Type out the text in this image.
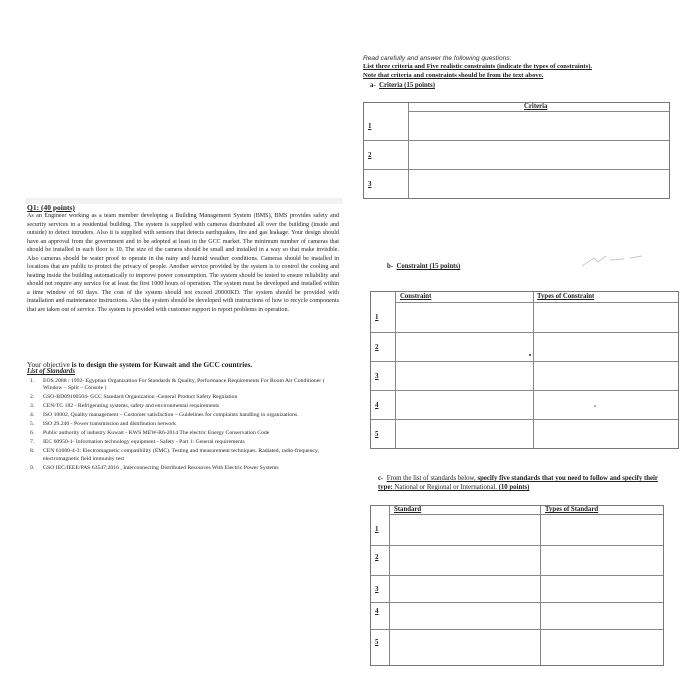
Q1: (40 points)
As an Engineer working as a team member developing a Building Management System (BMS), BMS provides safety and security services in a residential building. The system is supplied with cameras distributed all over the building (inside and outside) to detect intruders. Also it is supplied with sensors that detects earthquakes, fire and gas leakage. Your design should have an approval from the government and to be adopted at least in the GCC market. The minimum number of cameras that should be installed in each floor is 10. The size of the camera should be small and installed in a way so that make invisible. Also cameras should be water proof to operate in the rainy and humid weather conditions. Cameras should be installed in locations that are public to protect the privacy of people. Another service provided by the system is to control the cooling and heating inside the building automatically to improve power consumption. The system should be tested to ensure reliability and should not require any service for at least the first 1000 hours of operation. The system must be developed and installed within a time window of 60 days. The cost of the system should not exceed 20000KD. The system should be provided with installation and maintenance instructions. Also the system should be developed with instructions of how to recycle components that are taken out of service. The system is provided with customer support to report problems in operation.
Your objective is to design the system for Kuwait and the GCC countries.
List of Standards
1. EOS 2088 / 1992- Egyptian Organization For Standards & Quality, Performance Requirements For Room Air Conditioner ( Window – Split – Console )
2. GSO-BD09100504- GCC Standard Organization -General Product Safety Regulation
3. CEN/TC 182 - Refrigerating systems, safety and environmental requirements
4. ISO 10002, Quality management – Customer satisfaction – Guidelines for complaints handling in organizations.
5. ISO 29.240 - Power transmission and distribution network
6. Public authority of industry Kuwait - KWS MEW-R6-2014 The electric Energy Conservation Code
7. IEC 60950-1- Information technology equipment - Safety - Part 1: General requirements
8. CEN 61000-4-3: Electromagnetic compatibility (EMC). Testing and measurement techniques. Radiated, radio-frequency, electromagnetic field immunity test
9. GSO IEC/IEEE/PAS 63547:2016 , Interconnecting Distributed Resources With Electric Power Systems
Read carefully and answer the following questions:
List three criteria and Five realistic constraints (indicate the types of constraints).
Note that criteria and constraints should be from the text above.
a- Criteria (15 points)
Criteria
1
2
3
b- Constraint (15 points)
Constraint	Types of Constraint
1
2
3
4
5
c- From the list of standards below, specify five standards that you need to follow and specify their type: National or Regional or International. (10 points)
Standard	Types of Standard
1
2
3
4
5
